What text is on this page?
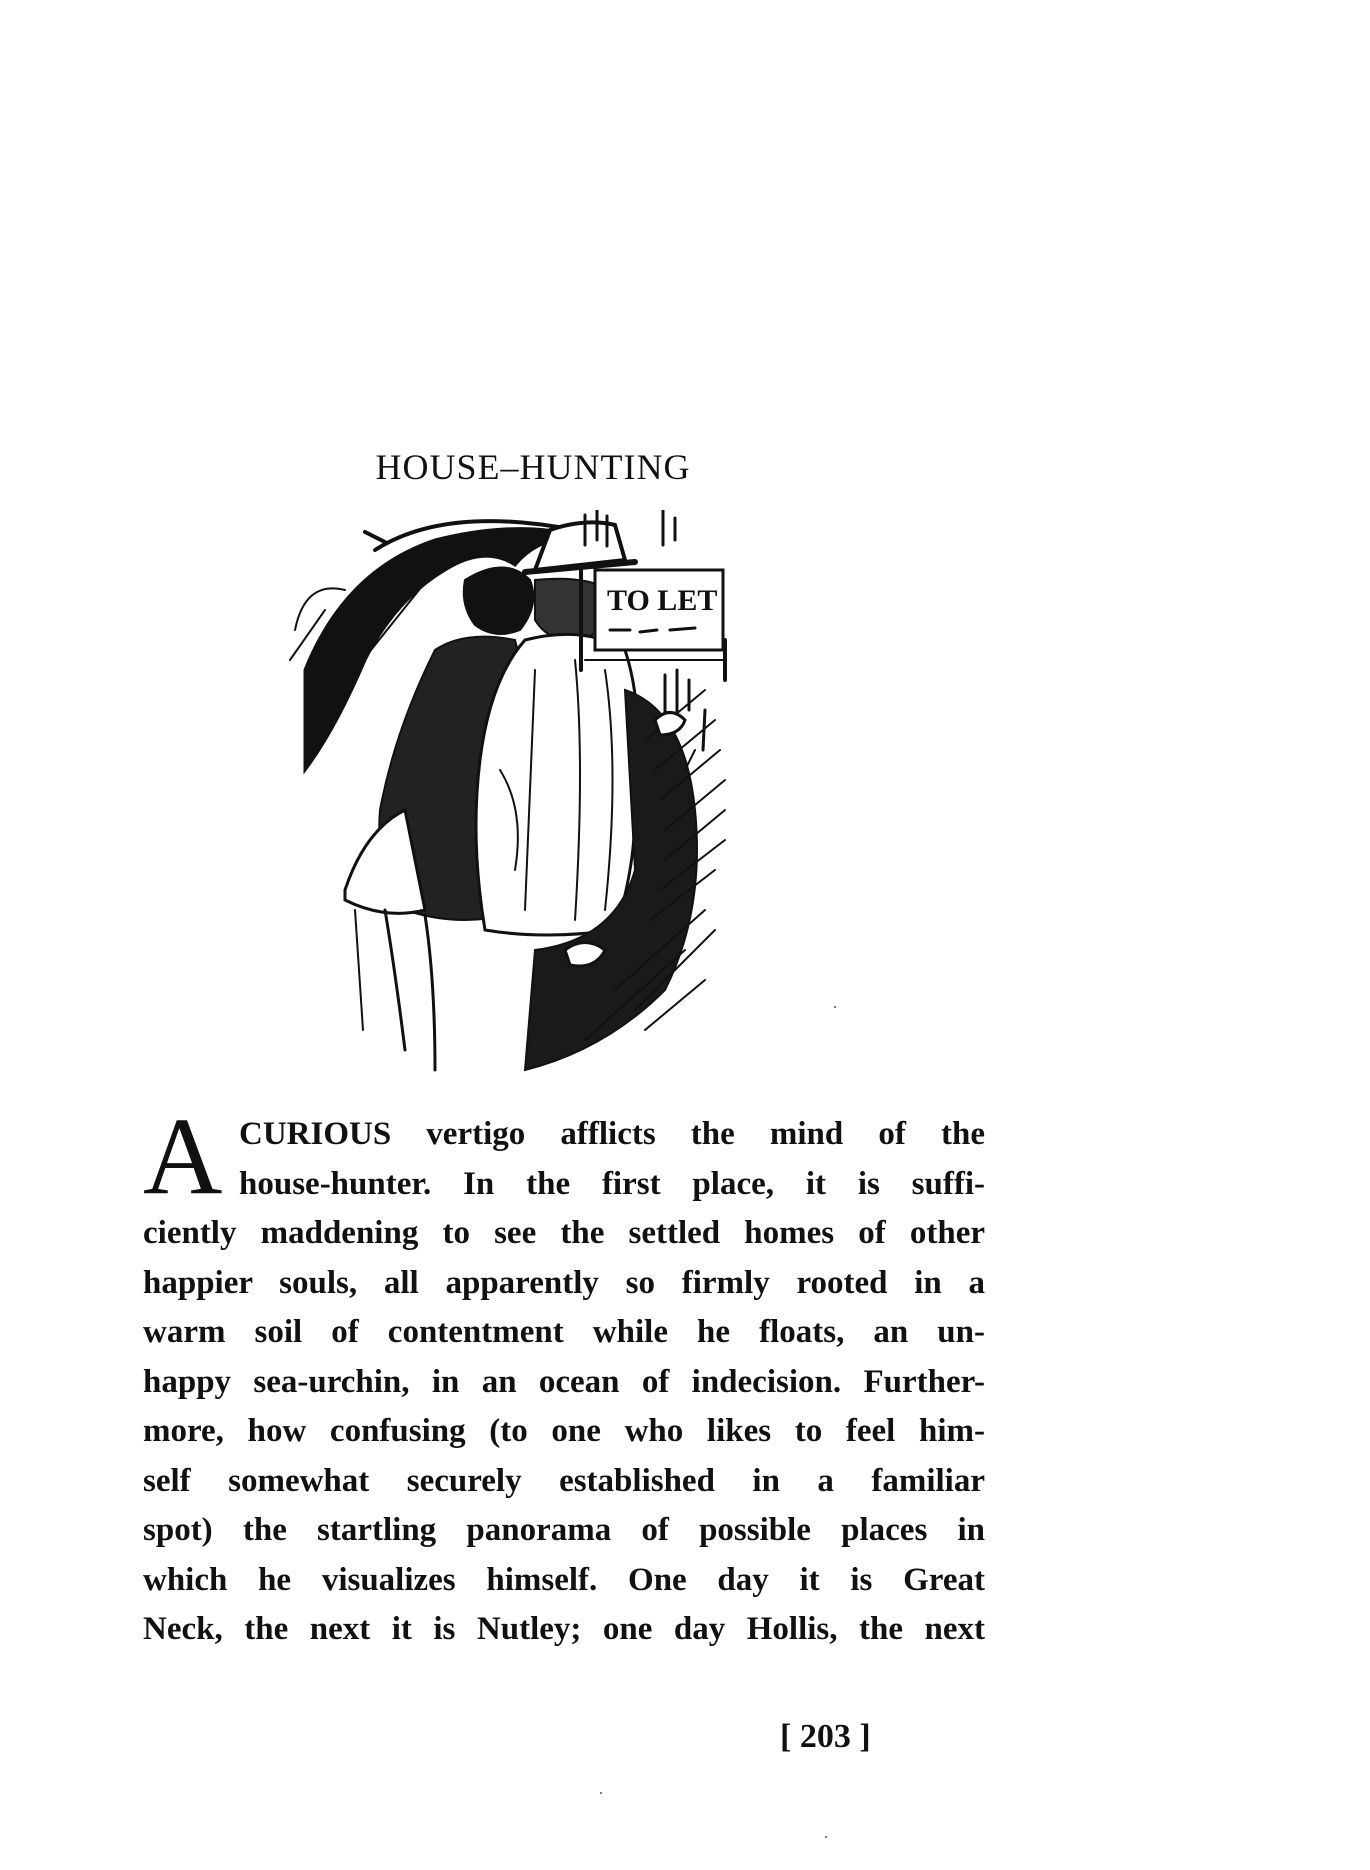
HOUSE–HUNTING
TO LET
A CURIOUS vertigo afflicts the mind of the
house-hunter. In the first place, it is suffi-
ciently maddening to see the settled homes of other
happier souls, all apparently so firmly rooted in a
warm soil of contentment while he floats, an un-
happy sea-urchin, in an ocean of indecision. Further-
more, how confusing (to one who likes to feel him-
self somewhat securely established in a familiar
spot) the startling panorama of possible places in
which he visualizes himself. One day it is Great
Neck, the next it is Nutley; one day Hollis, the next
[ 203 ]
